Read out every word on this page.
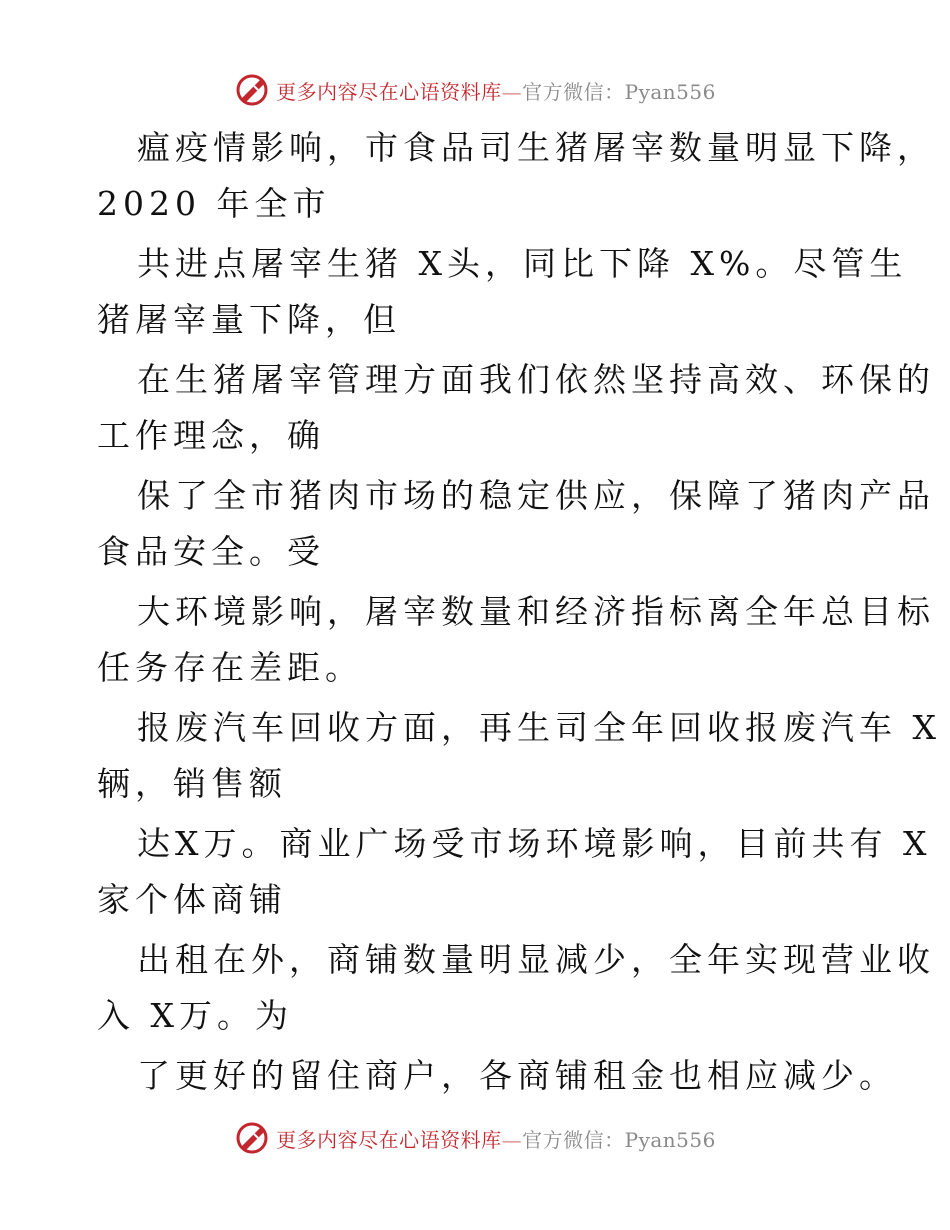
更多内容尽在心语资料库—官方微信：Pyan556
瘟疫情影响，市食品司生猪屠宰数量明显下降，
2020 年全市
共进点屠宰生猪 X头，同比下降 X%。尽管生
猪屠宰量下降，但
在生猪屠宰管理方面我们依然坚持高效、环保的
工作理念，确
保了全市猪肉市场的稳定供应，保障了猪肉产品
食品安全。受
大环境影响，屠宰数量和经济指标离全年总目标
任务存在差距。
报废汽车回收方面，再生司全年回收报废汽车 X
辆，销售额
达X万。商业广场受市场环境影响，目前共有 X
家个体商铺
出租在外，商铺数量明显减少，全年实现营业收
入 X万。为
了更好的留住商户，各商铺租金也相应减少。
更多内容尽在心语资料库—官方微信：Pyan556
